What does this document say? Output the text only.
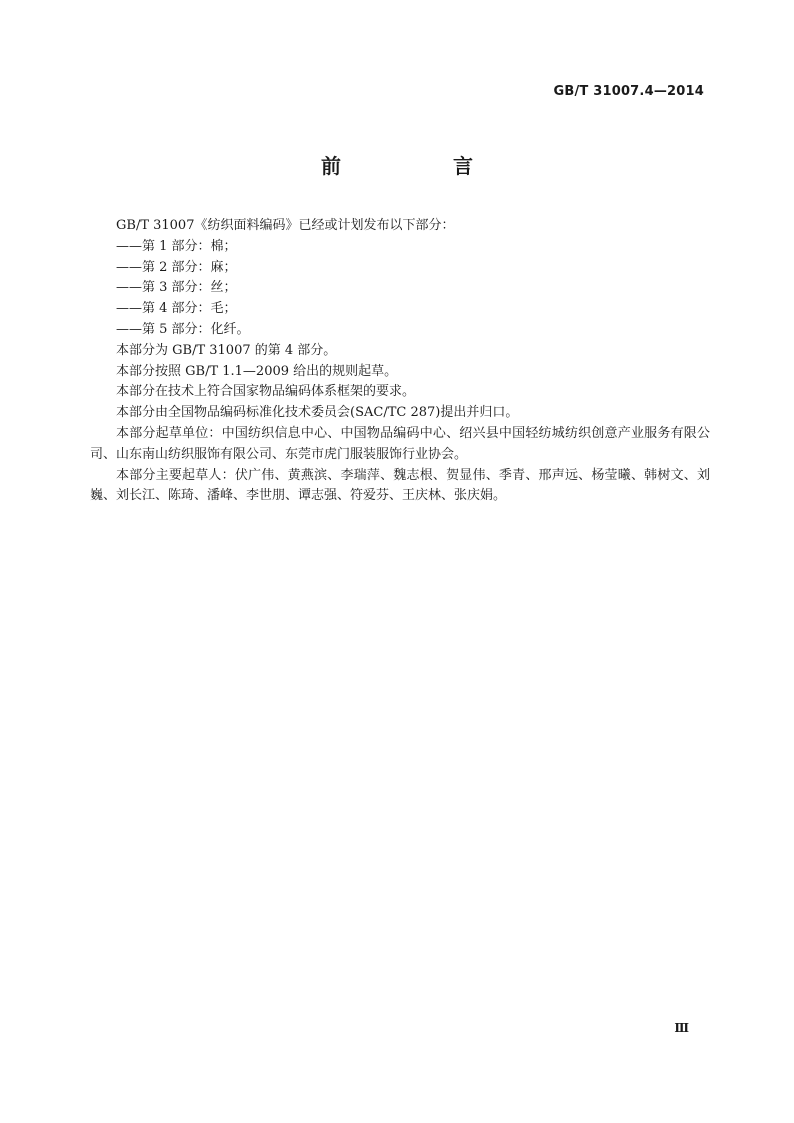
GB/T 31007.4—2014
前　言

GB/T 31007《纺织面料编码》已经或计划发布以下部分：

——第 1 部分：棉；

——第 2 部分：麻；

——第 3 部分：丝；

——第 4 部分：毛；

——第 5 部分：化纤。

本部分为 GB/T 31007 的第 4 部分。

本部分按照 GB/T 1.1—2009 给出的规则起草。

本部分在技术上符合国家物品编码体系框架的要求。

本部分由全国物品编码标准化技术委员会(SAC/TC 287)提出并归口。

本部分起草单位：中国纺织信息中心、中国物品编码中心、绍兴县中国轻纺城纺织创意产业服务有限公司、山东南山纺织服饰有限公司、东莞市虎门服装服饰行业协会。

本部分主要起草人：伏广伟、黄燕滨、李瑞萍、魏志根、贺显伟、季青、邢声远、杨莹曦、韩树文、刘巍、刘长江、陈琦、潘峰、李世朋、谭志强、符爱芬、王庆林、张庆娟。

Ⅲ
